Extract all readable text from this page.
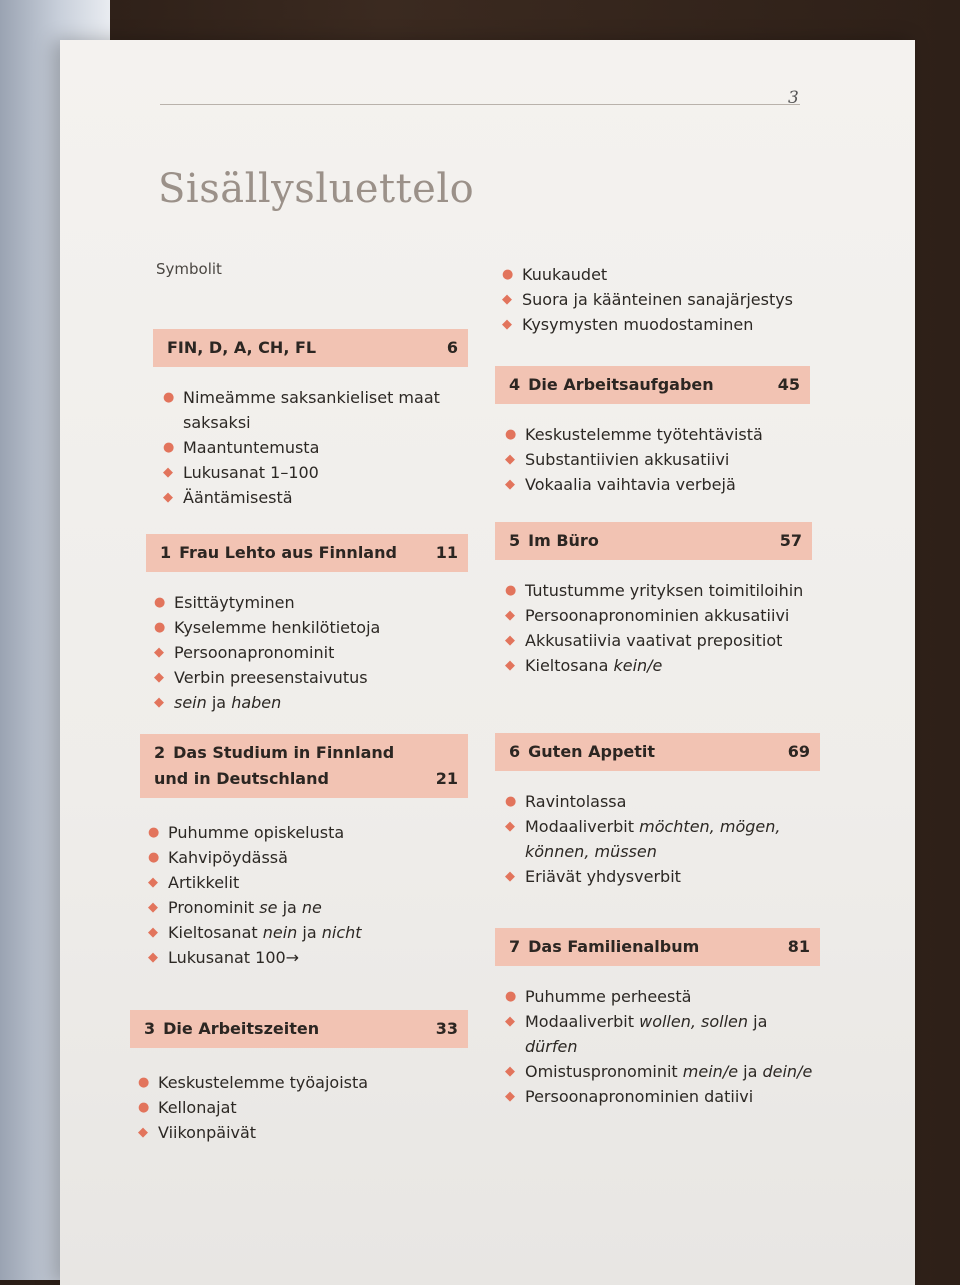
3
Sisällysluettelo
Symbolit	● Kuukaudet
◆ Suora ja käänteinen sanajärjestys
◆ Kysymysten muodostaminen
FIN, D, A, CH, FL	6
● Nimeämme saksankieliset maat saksaksi
● Maantuntemusta
◆ Lukusanat 1–100
◆ Ääntämisestä
1 Frau Lehto aus Finnland 11
● Esittäytyminen
● Kyselemme henkilötietoja
◆ Persoonapronominit
◆ Verbin preesenstaivutus
◆ sein ja haben
2 Das Studium in Finnland und in Deutschland	21
● Puhumme opiskelusta
● Kahvipöydässä
◆ Artikkelit
◆ Pronominit se ja ne
◆ Kieltosanat nein ja nicht
◆ Lukusanat 100→
3 Die Arbeitszeiten	33
● Keskustelemme työajoista
● Kellonajat
◆ Viikonpäivät
4 Die Arbeitsaufgaben	45
● Keskustelemme työtehtävistä
◆ Substantiivien akkusatiivi
◆ Vokaalia vaihtavia verbejä
5 Im Büro	57
● Tutustumme yrityksen toimitiloihin
◆ Persoonapronominien akkusatiivi
◆ Akkusatiivia vaativat prepositiot
◆ Kieltosana kein/e
6 Guten Appetit	69
● Ravintolassa
◆ Modaaliverbit möchten, mögen, können, müssen
◆ Eriävät yhdysverbit
7 Das Familienalbum	81
● Puhumme perheestä
◆ Modaaliverbit wollen, sollen ja dürfen
◆ Omistuspronominit mein/e ja dein/e
◆ Persoonapronominien datiivi
